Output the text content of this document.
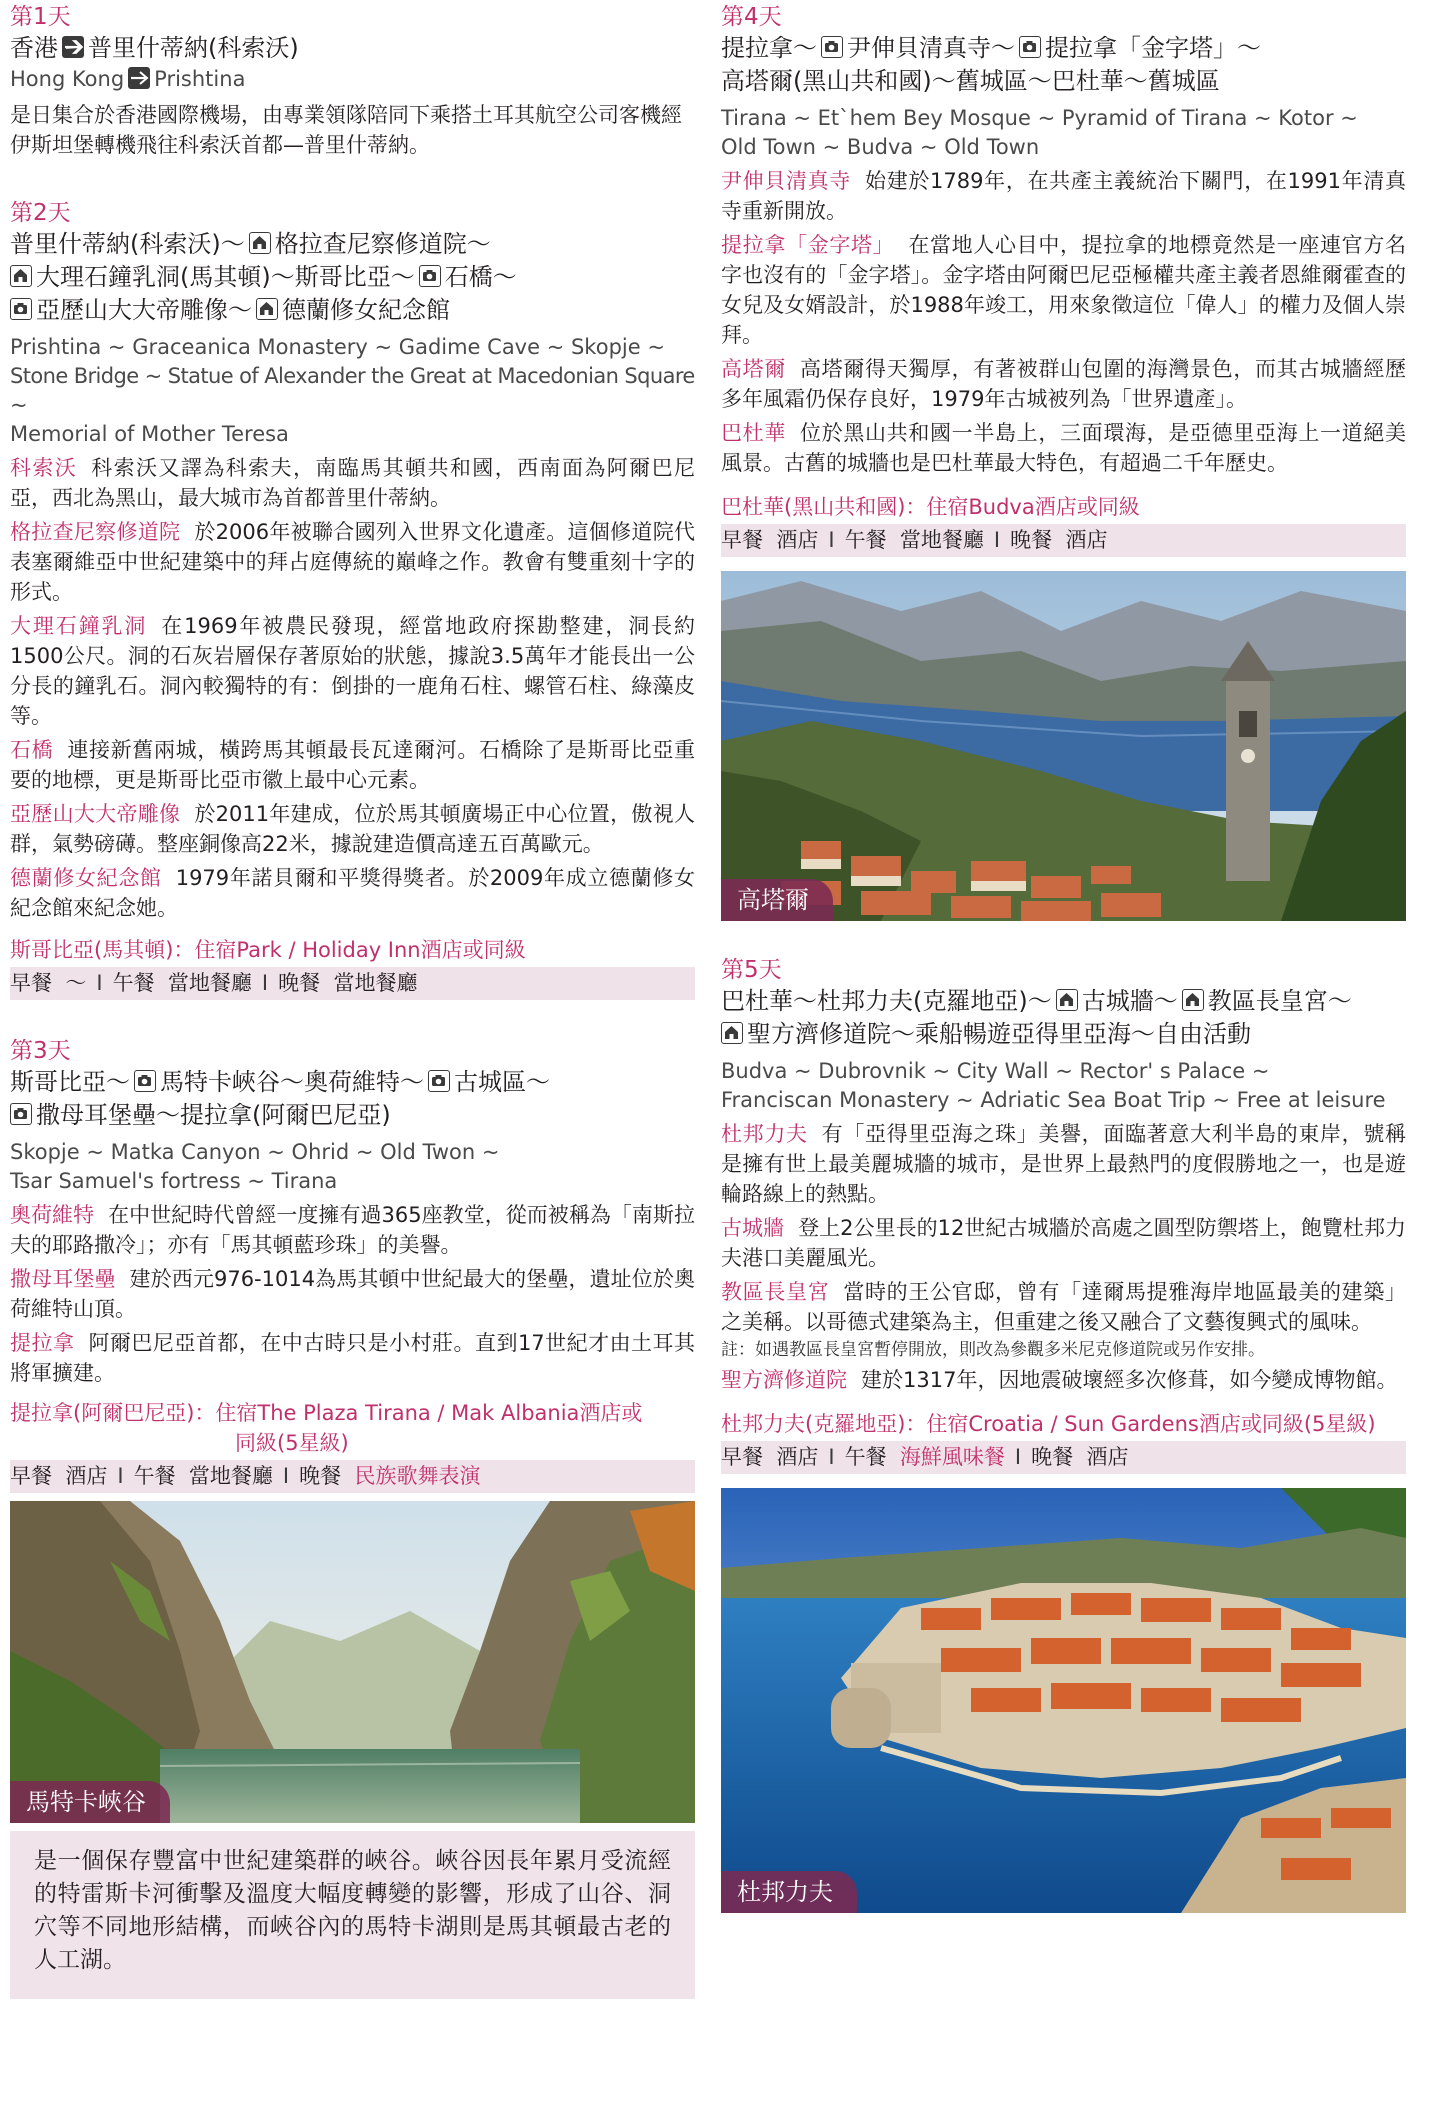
第1天
香港 普里什蒂納(科索沃)
Hong Kong Prishtina

是日集合於香港國際機場，由專業領隊陪同下乘搭土耳其航空公司客機經伊斯坦堡轉機飛往科索沃首都—普里什蒂納。

第2天
普里什蒂納(科索沃)～ 格拉查尼察修道院～

大理石鐘乳洞(馬其頓)～斯哥比亞～ 石橋～

亞歷山大大帝雕像～ 德蘭修女紀念館
Prishtina ~ Graceanica Monastery ~ Gadime Cave ~ Skopje ~
Stone Bridge ~ Statue of Alexander the Great at Macedonian Square ~
Memorial of Mother Teresa

科索沃 科索沃又譯為科索夫，南臨馬其頓共和國，西南面為阿爾巴尼亞，西北為黑山，最大城市為首都普里什蒂納。

格拉查尼察修道院 於2006年被聯合國列入世界文化遺產。這個修道院代表塞爾維亞中世紀建築中的拜占庭傳統的巔峰之作。教會有雙重刻十字的形式。

大理石鐘乳洞 在1969年被農民發現，經當地政府探勘整建，洞長約1500公尺。洞的石灰岩層保存著原始的狀態，據說3.5萬年才能長出一公分長的鐘乳石。洞內較獨特的有：倒掛的一鹿角石柱、螺管石柱、綠藻皮等。

石橋 連接新舊兩城，橫跨馬其頓最長瓦達爾河。石橋除了是斯哥比亞重要的地標，更是斯哥比亞市徽上最中心元素。

亞歷山大大帝雕像 於2011年建成，位於馬其頓廣場正中心位置，傲視人群，氣勢磅礡。整座銅像高22米，據說建造價高達五百萬歐元。

德蘭修女紀念館 1979年諾貝爾和平獎得獎者。於2009年成立德蘭修女紀念館來紀念她。

斯哥比亞(馬其頓)：住宿Park / Holiday Inn酒店或同級
早餐 ～ I 午餐 當地餐廳 I 晚餐 當地餐廳
第3天
斯哥比亞～ 馬特卡峽谷～奧荷維特～ 古城區～

撒母耳堡壘～提拉拿(阿爾巴尼亞)
Skopje ~ Matka Canyon ~ Ohrid ~ Old Twon ~
Tsar Samuel's fortress ~ Tirana

奧荷維特 在中世紀時代曾經一度擁有過365座教堂，從而被稱為「南斯拉夫的耶路撒冷」；亦有「馬其頓藍珍珠」的美譽。

撒母耳堡壘 建於西元976-1014為馬其頓中世紀最大的堡壘，遺址位於奧荷維特山頂。

提拉拿 阿爾巴尼亞首都，在中古時只是小村莊。直到17世紀才由土耳其將軍擴建。

提拉拿(阿爾巴尼亞)：住宿The Plaza Tirana / Mak Albania酒店或
同級(5星級)
早餐 酒店 I 午餐 當地餐廳 I 晚餐 民族歌舞表演
馬特卡峽谷
是一個保存豐富中世紀建築群的峽谷。峽谷因長年累月受流經的特雷斯卡河衝擊及溫度大幅度轉變的影響，形成了山谷、洞穴等不同地形結構，而峽谷內的馬特卡湖則是馬其頓最古老的人工湖。
第4天
提拉拿～ 尹伸貝清真寺～ 提拉拿「金字塔」～
高塔爾(黑山共和國)～舊城區～巴杜華～舊城區
Tirana ~ Et`hem Bey Mosque ~ Pyramid of Tirana ~ Kotor ~
Old Town ~ Budva ~ Old Town

尹伸貝清真寺 始建於1789年，在共產主義統治下關門，在1991年清真寺重新開放。

提拉拿「金字塔」 在當地人心目中，提拉拿的地標竟然是一座連官方名字也沒有的「金字塔」。金字塔由阿爾巴尼亞極權共產主義者恩維爾霍查的女兒及女婿設計，於1988年竣工，用來象徵這位「偉人」的權力及個人崇拜。

高塔爾 高塔爾得天獨厚，有著被群山包圍的海灣景色，而其古城牆經歷多年風霜仍保存良好，1979年古城被列為「世界遺產」。

巴杜華 位於黑山共和國一半島上，三面環海，是亞德里亞海上一道絕美風景。古舊的城牆也是巴杜華最大特色，有超過二千年歷史。

巴杜華(黑山共和國)：住宿Budva酒店或同級
早餐 酒店 I 午餐 當地餐廳 I 晚餐 酒店
高塔爾
第5天
巴杜華～杜邦力夫(克羅地亞)～ 古城牆～ 教區長皇宮～

聖方濟修道院～乘船暢遊亞得里亞海～自由活動
Budva ~ Dubrovnik ~ City Wall ~ Rector' s Palace ~
Franciscan Monastery ~ Adriatic Sea Boat Trip ~ Free at leisure

杜邦力夫 有「亞得里亞海之珠」美譽，面臨著意大利半島的東岸，號稱是擁有世上最美麗城牆的城市，是世界上最熱門的度假勝地之一，也是遊輪路線上的熱點。

古城牆 登上2公里長的12世紀古城牆於高處之圓型防禦塔上，飽覽杜邦力夫港口美麗風光。

教區長皇宮 當時的王公官邸，曾有「達爾馬提雅海岸地區最美的建築」之美稱。以哥德式建築為主，但重建之後又融合了文藝復興式的風味。

註：如遇教區長皇宮暫停開放，則改為參觀多米尼克修道院或另作安排。

聖方濟修道院 建於1317年，因地震破壞經多次修葺，如今變成博物館。

杜邦力夫(克羅地亞)：住宿Croatia / Sun Gardens酒店或同級(5星級)
早餐 酒店 I 午餐 海鮮風味餐 I 晚餐 酒店
杜邦力夫
